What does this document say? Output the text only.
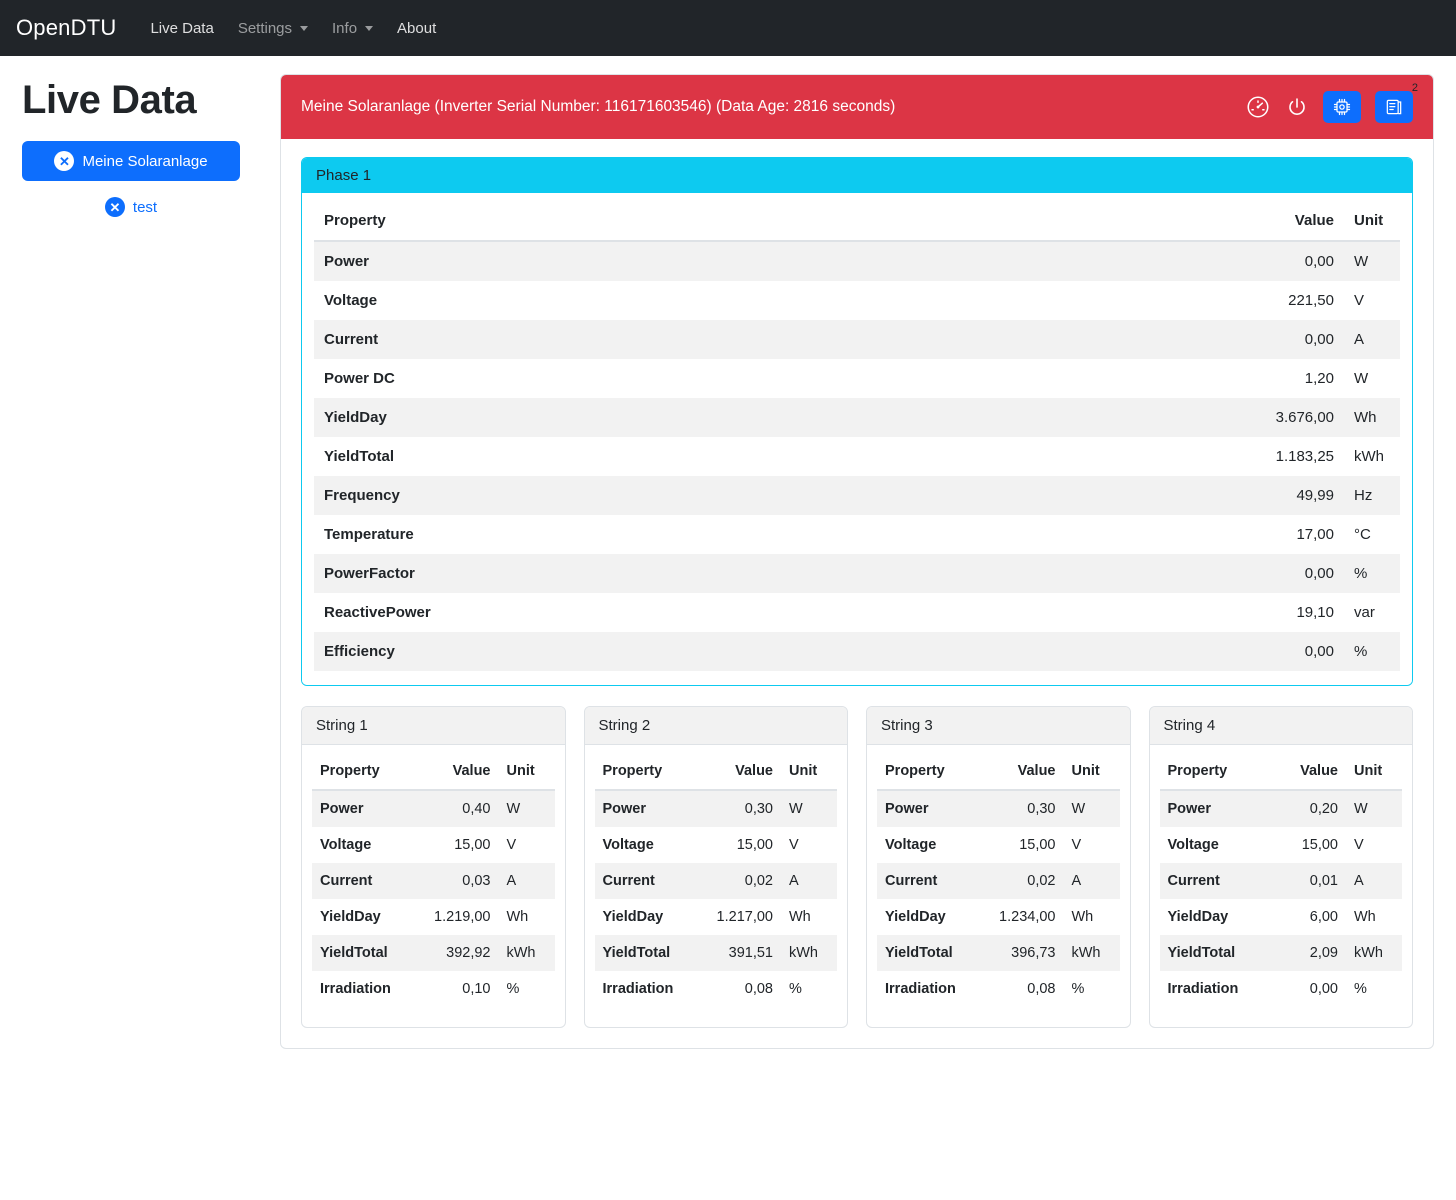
OpenDTU Live Data Settings	Info	About
Live Data
✕ Meine Solaranlage
✕ test
Meine Solaranlage (Inverter Serial Number: 116171603546) (Data Age: 2816 seconds)
2
Phase 1
Property	Value	Unit
Power	0,00	W
Voltage	221,50	V
Current	0,00	A
Power DC	1,20	W
YieldDay	3.676,00	Wh
YieldTotal	1.183,25	kWh
Frequency	49,99	Hz
Temperature	17,00	°C
PowerFactor	0,00	%
ReactivePower	19,10	var
Efficiency	0,00	%
String 1
Property	Value	Unit
Power	0,40	W
Voltage	15,00	V
Current	0,03	A
YieldDay	1.219,00	Wh
YieldTotal	392,92	kWh
Irradiation	0,10	%
String 2
Property	Value	Unit
Power	0,30	W
Voltage	15,00	V
Current	0,02	A
YieldDay	1.217,00	Wh
YieldTotal	391,51	kWh
Irradiation	0,08	%
String 3
Property	Value	Unit
Power	0,30	W
Voltage	15,00	V
Current	0,02	A
YieldDay	1.234,00	Wh
YieldTotal	396,73	kWh
Irradiation	0,08	%
String 4
Property	Value	Unit
Power	0,20	W
Voltage	15,00	V
Current	0,01	A
YieldDay	6,00	Wh
YieldTotal	2,09	kWh
Irradiation	0,00	%
